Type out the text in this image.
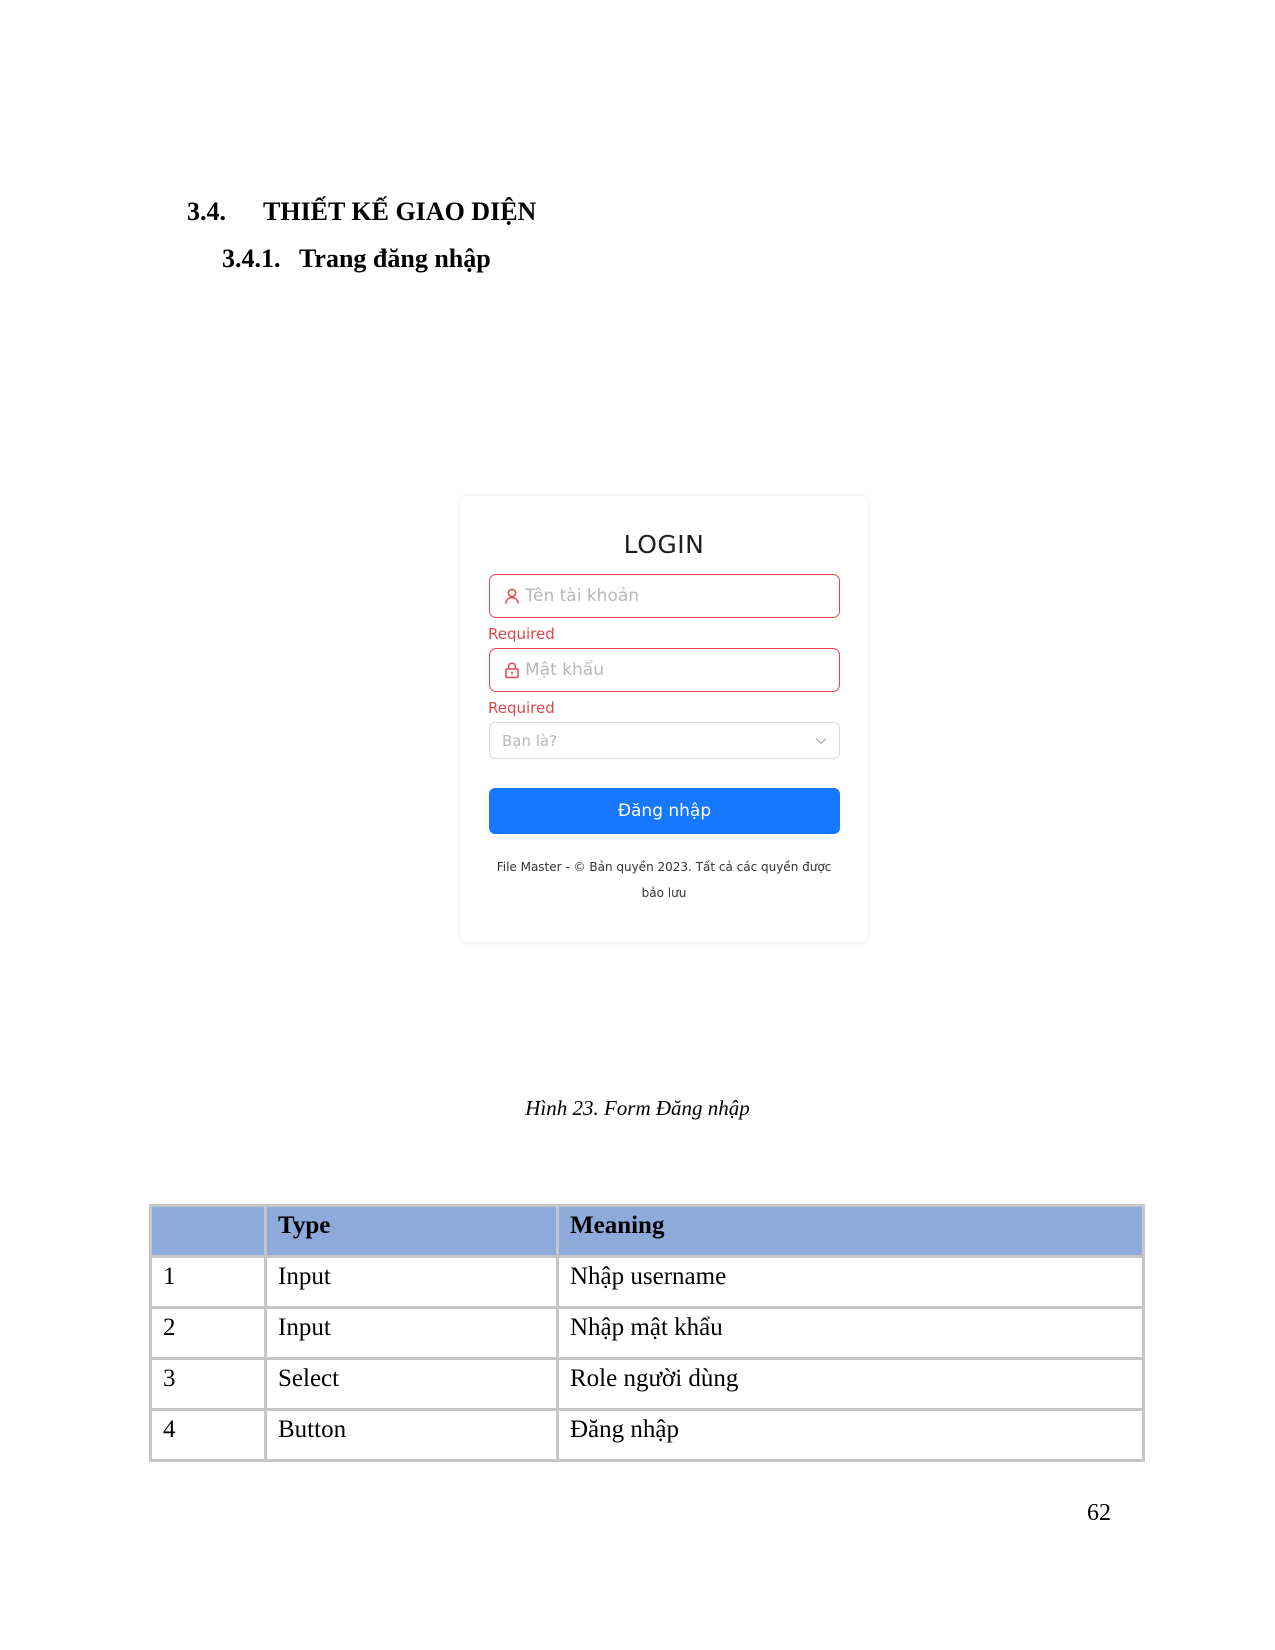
3.4. THIẾT KẾ GIAO DIỆN
3.4.1. Trang đăng nhập
LOGIN
Tên tài khoản
Required
Mật khẩu
Required
Bạn là?
Đăng nhập
File Master - © Bản quyền 2023. Tất cả các quyền được bảo lưu
Hình 23. Form Đăng nhập
	Type	Meaning
1	Input	Nhập username
2	Input	Nhập mật khẩu
3	Select	Role người dùng
4	Button	Đăng nhập
62
